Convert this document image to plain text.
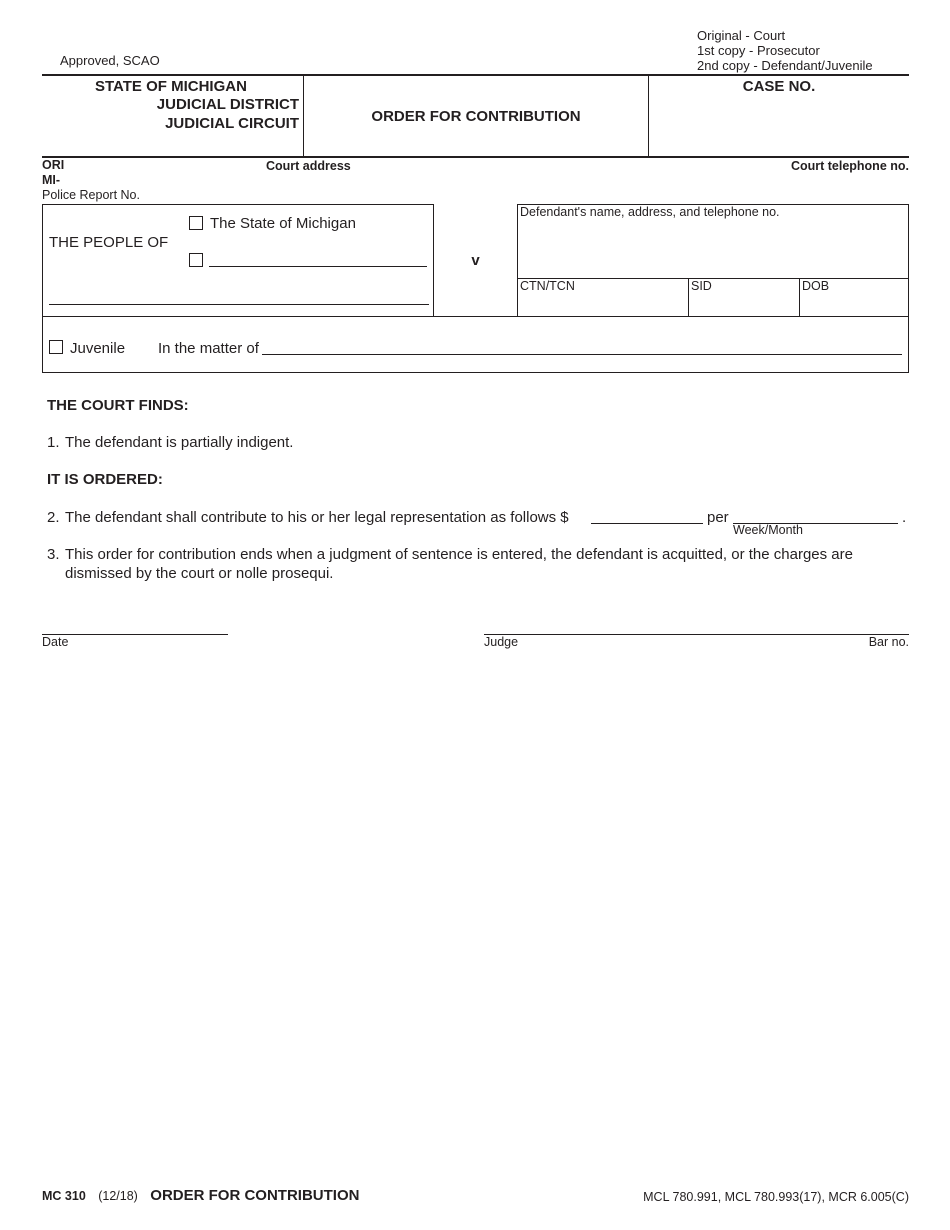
Approved, SCAO
Original - Court
1st copy - Prosecutor
2nd copy - Defendant/Juvenile
STATE OF MICHIGAN
JUDICIAL DISTRICT
JUDICIAL CIRCUIT	ORDER FOR CONTRIBUTION
CASE NO.
ORI
MI-
Court address	Court telephone no.
Police Report No.
THE PEOPLE OF
The State of Michigan
v
Defendant's name, address, and telephone no.
CTN/TCN	SID	DOB
Juvenile In the matter of
THE COURT FINDS:
1. The defendant is partially indigent.
IT IS ORDERED:
2. The defendant shall contribute to his or her legal representation as follows $	per	.
Week/Month
3. This order for contribution ends when a judgment of sentence is entered, the defendant is acquitted, or the charges are
dismissed by the court or nolle prosequi.
Date	Judge	Bar no.
MC 310 (12/18) ORDER FOR CONTRIBUTION	MCL 780.991, MCL 780.993(17), MCR 6.005(C)
